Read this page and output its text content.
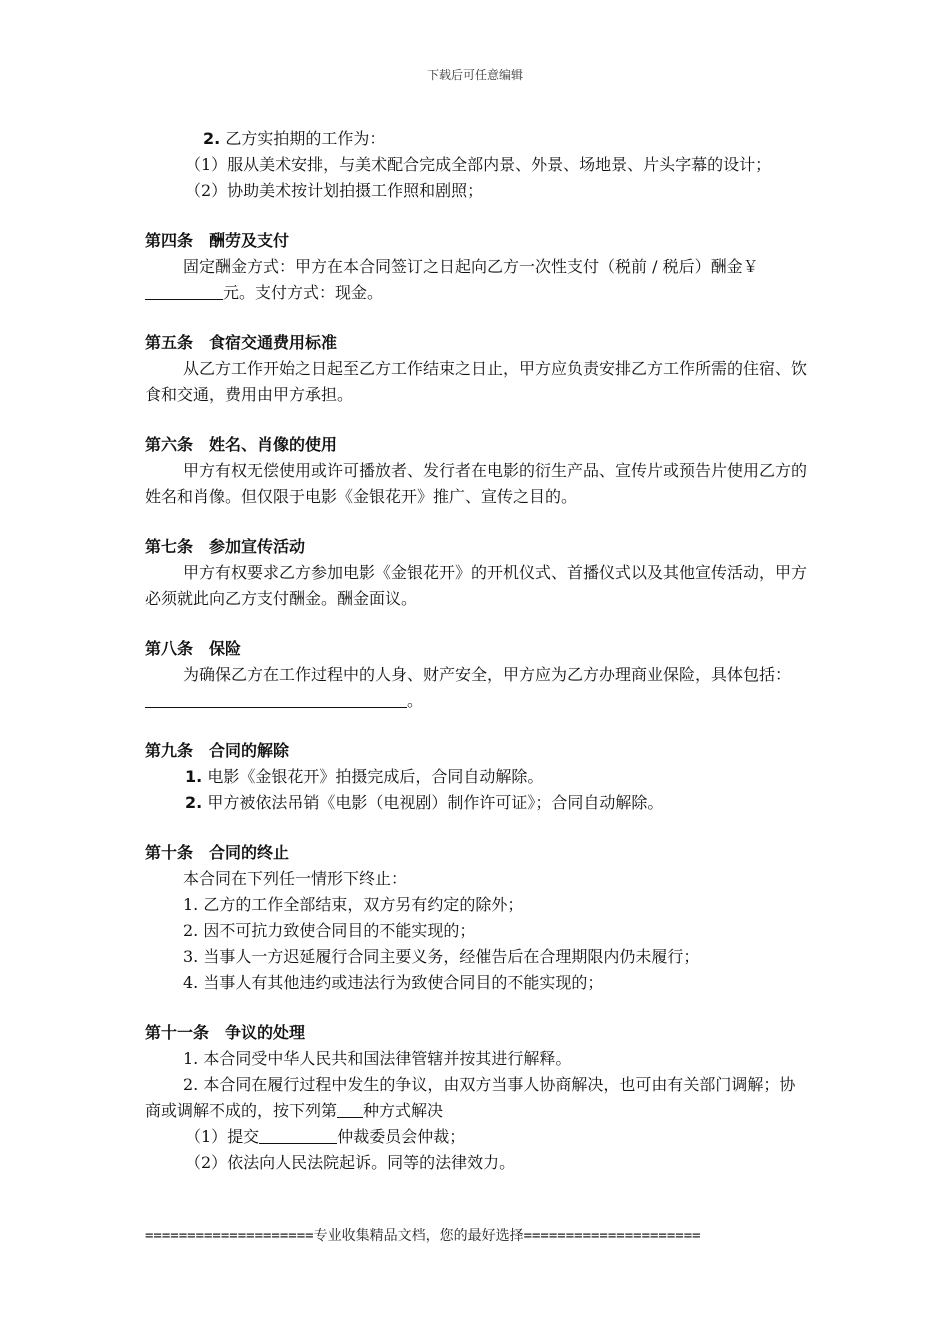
下载后可任意编辑

2. 乙方实拍期的工作为：

（1）服从美术安排，与美术配合完成全部内景、外景、场地景、片头字幕的设计；

（2）协助美术按计划拍摄工作照和剧照；

第四条　酬劳及支付

固定酬金方式：甲方在本合同签订之日起向乙方一次性支付（税前 / 税后）酬金￥元。支付方式：现金。

第五条　食宿交通费用标准

从乙方工作开始之日起至乙方工作结束之日止，甲方应负责安排乙方工作所需的住宿、饮食和交通，费用由甲方承担。

第六条　姓名、肖像的使用

甲方有权无偿使用或许可播放者、发行者在电影的衍生产品、宣传片或预告片使用乙方的姓名和肖像。但仅限于电影《金银花开》推广、宣传之目的。

第七条　参加宣传活动

甲方有权要求乙方参加电影《金银花开》的开机仪式、首播仪式以及其他宣传活动，甲方必须就此向乙方支付酬金。酬金面议。

第八条　保险

为确保乙方在工作过程中的人身、财产安全，甲方应为乙方办理商业保险，具体包括：。

第九条　合同的解除

1. 电影《金银花开》拍摄完成后，合同自动解除。

2. 甲方被依法吊销《电影（电视剧）制作许可证》；合同自动解除。

第十条　合同的终止

本合同在下列任一情形下终止：

1. 乙方的工作全部结束，双方另有约定的除外；

2. 因不可抗力致使合同目的不能实现的；

3. 当事人一方迟延履行合同主要义务，经催告后在合理期限内仍未履行；

4. 当事人有其他违约或违法行为致使合同目的不能实现的；

第十一条　争议的处理

1. 本合同受中华人民共和国法律管辖并按其进行解释。

2. 本合同在履行过程中发生的争议，由双方当事人协商解决，也可由有关部门调解；协商或调解不成的，按下列第 种方式解决

（1）提交	仲裁委员会仲裁；

（2）依法向人民法院起诉。同等的法律效力。

====================专业收集精品文档，您的最好选择=====================
